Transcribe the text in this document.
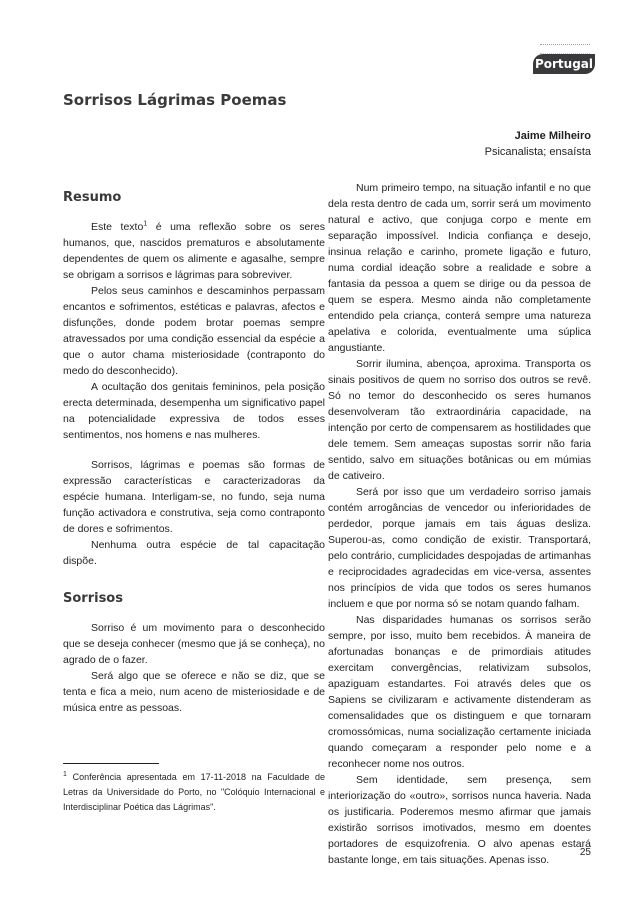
Portugal
Sorrisos Lágrimas Poemas
Jaime Milheiro
Psicanalista; ensaísta
Resumo

Este texto$^1$ é uma reflexão sobre os seres humanos, que, nascidos prematuros e absolutamente dependentes de quem os alimente e agasalhe, sempre se obrigam a sorrisos e lágrimas para sobreviver.

Pelos seus caminhos e descaminhos perpassam encantos e sofrimentos, estéticas e palavras, afectos e disfunções, donde podem brotar poemas sempre atravessados por uma condição essencial da espécie a que o autor chama misteriosidade (contraponto do medo do desconhecido).

A ocultação dos genitais femininos, pela posição erecta determinada, desempenha um significativo papel na potencialidade expressiva de todos esses sentimentos, nos homens e nas mulheres.

Sorrisos, lágrimas e poemas são formas de expressão características e caracterizadoras da espécie humana. Interligam-se, no fundo, seja numa função activadora e construtiva, seja como contraponto de dores e sofrimentos.

Nenhuma outra espécie de tal capacitação dispõe.

Sorrisos

Sorriso é um movimento para o desconhecido que se deseja conhecer (mesmo que já se conheça), no agrado de o fazer.

Será algo que se oferece e não se diz, que se tenta e fica a meio, num aceno de misteriosidade e de música entre as pessoas.

$^1$ Conferência apresentada em 17-11-2018 na Faculdade de Letras da Universidade do Porto, no "Colóquio Internacional e Interdisciplinar Poética das Lágrimas".

Num primeiro tempo, na situação infantil e no que dela resta dentro de cada um, sorrir será um movimento natural e activo, que conjuga corpo e mente em separação impossível. Indicia confiança e desejo, insinua relação e carinho, promete ligação e futuro, numa cordial ideação sobre a realidade e sobre a fantasia da pessoa a quem se dirige ou da pessoa de quem se espera. Mesmo ainda não completamente entendido pela criança, conterá sempre uma natureza apelativa e colorida, eventualmente uma súplica angustiante.

Sorrir ilumina, abençoa, aproxima. Transporta os sinais positivos de quem no sorriso dos outros se revê. Só no temor do desconhecido os seres humanos desenvolveram tão extraordinária capacidade, na intenção por certo de compensarem as hostilidades que dele temem. Sem ameaças supostas sorrir não faria sentido, salvo em situações botânicas ou em múmias de cativeiro.

Será por isso que um verdadeiro sorriso jamais contém arrogâncias de vencedor ou inferioridades de perdedor, porque jamais em tais águas desliza. Superou-as, como condição de existir. Transportará, pelo contrário, cumplicidades despojadas de artimanhas e reciprocidades agradecidas em vice-versa, assentes nos princípios de vida que todos os seres humanos incluem e que por norma só se notam quando falham.

Nas disparidades humanas os sorrisos serão sempre, por isso, muito bem recebidos. À maneira de afortunadas bonanças e de primordiais atitudes exercitam convergências, relativizam subsolos, apaziguam estandartes. Foi através deles que os Sapiens se civilizaram e activamente distenderam as comensalidades que os distinguem e que tornaram cromossómicas, numa socialização certamente iniciada quando começaram a responder pelo nome e a reconhecer nome nos outros.

Sem identidade, sem presença, sem interiorização do «outro», sorrisos nunca haveria. Nada os justificaria. Poderemos mesmo afirmar que jamais existirão sorrisos imotivados, mesmo em doentes portadores de esquizofrenia. O alvo apenas estará bastante longe, em tais situações. Apenas isso.

25
